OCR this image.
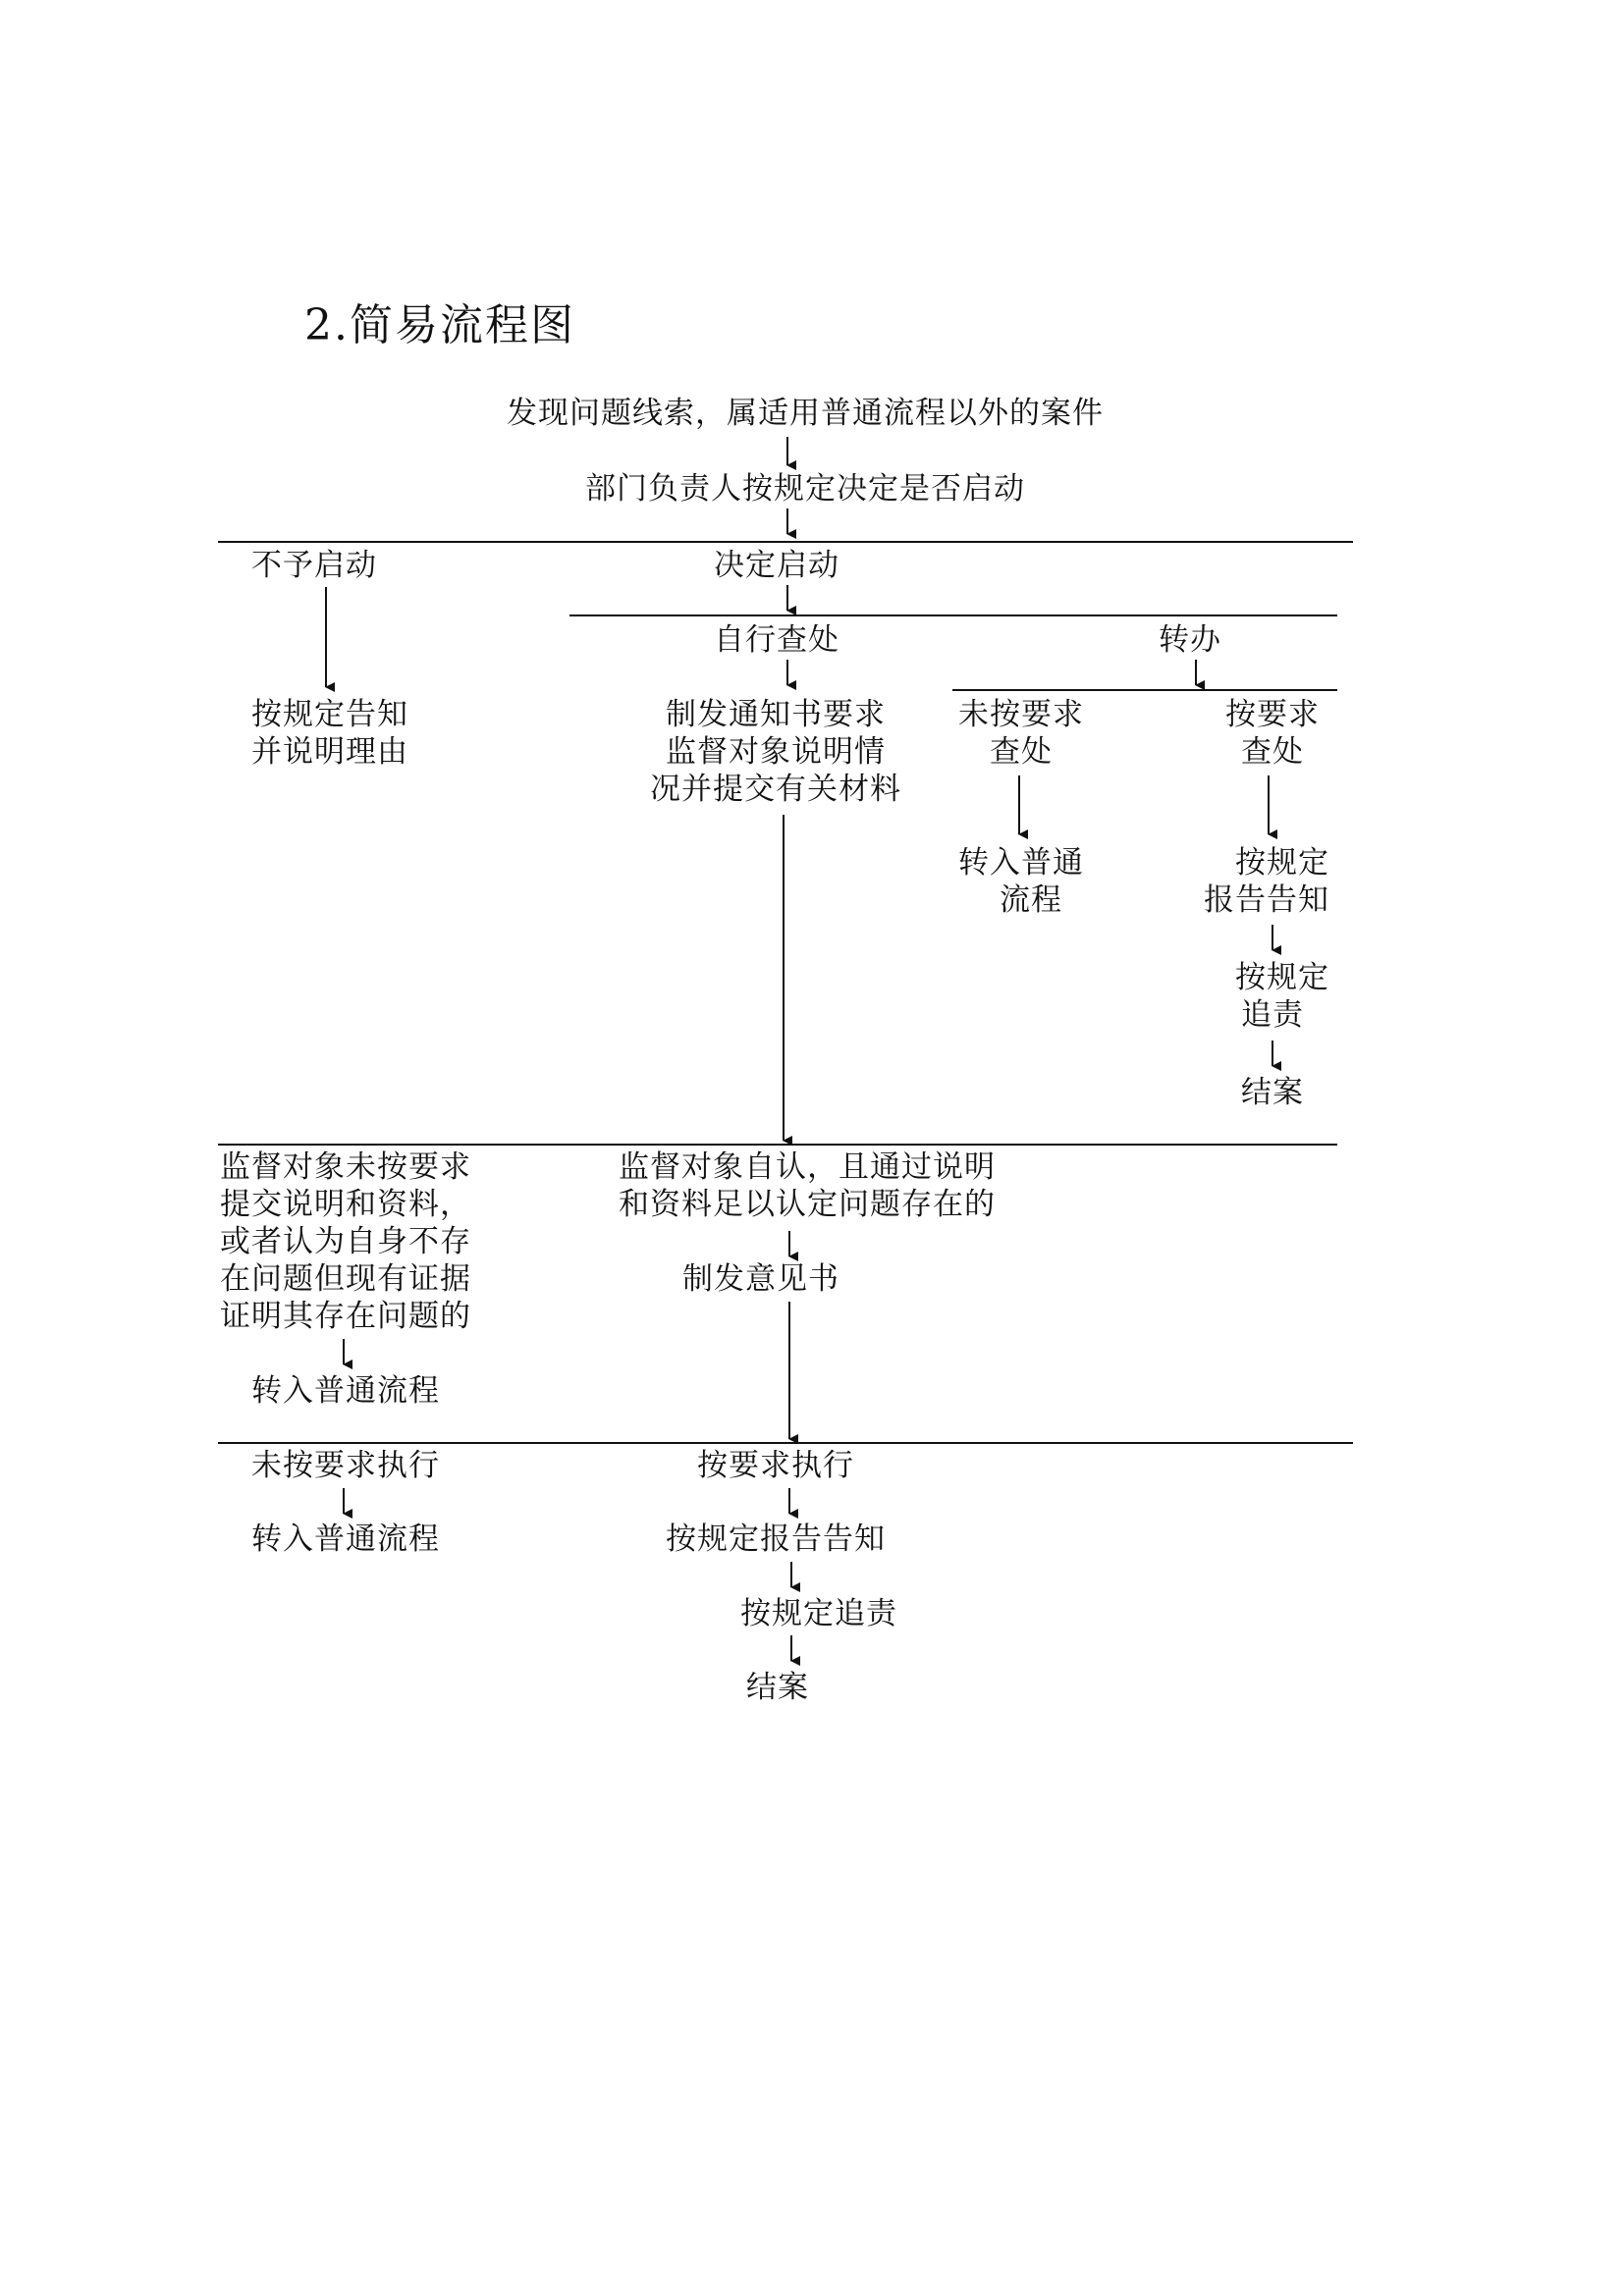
2.简易流程图
发现问题线索，属适用普通流程以外的案件
部门负责人按规定决定是否启动
不予启动	决定启动
按规定告知
并说明理由
自行查处	转办
制发通知书要求
监督对象说明情
况并提交有关材料
未按要求
查处
转入普通
流程
按要求
查处
按规定
报告告知
按规定
追责
结案
监督对象未按要求
提交说明和资料，
或者认为自身不存
在问题但现有证据
证明其存在问题的
转入普通流程
监督对象自认，且通过说明
和资料足以认定问题存在的
制发意见书
未按要求执行
转入普通流程
按要求执行
按规定报告告知
按规定追责
结案
